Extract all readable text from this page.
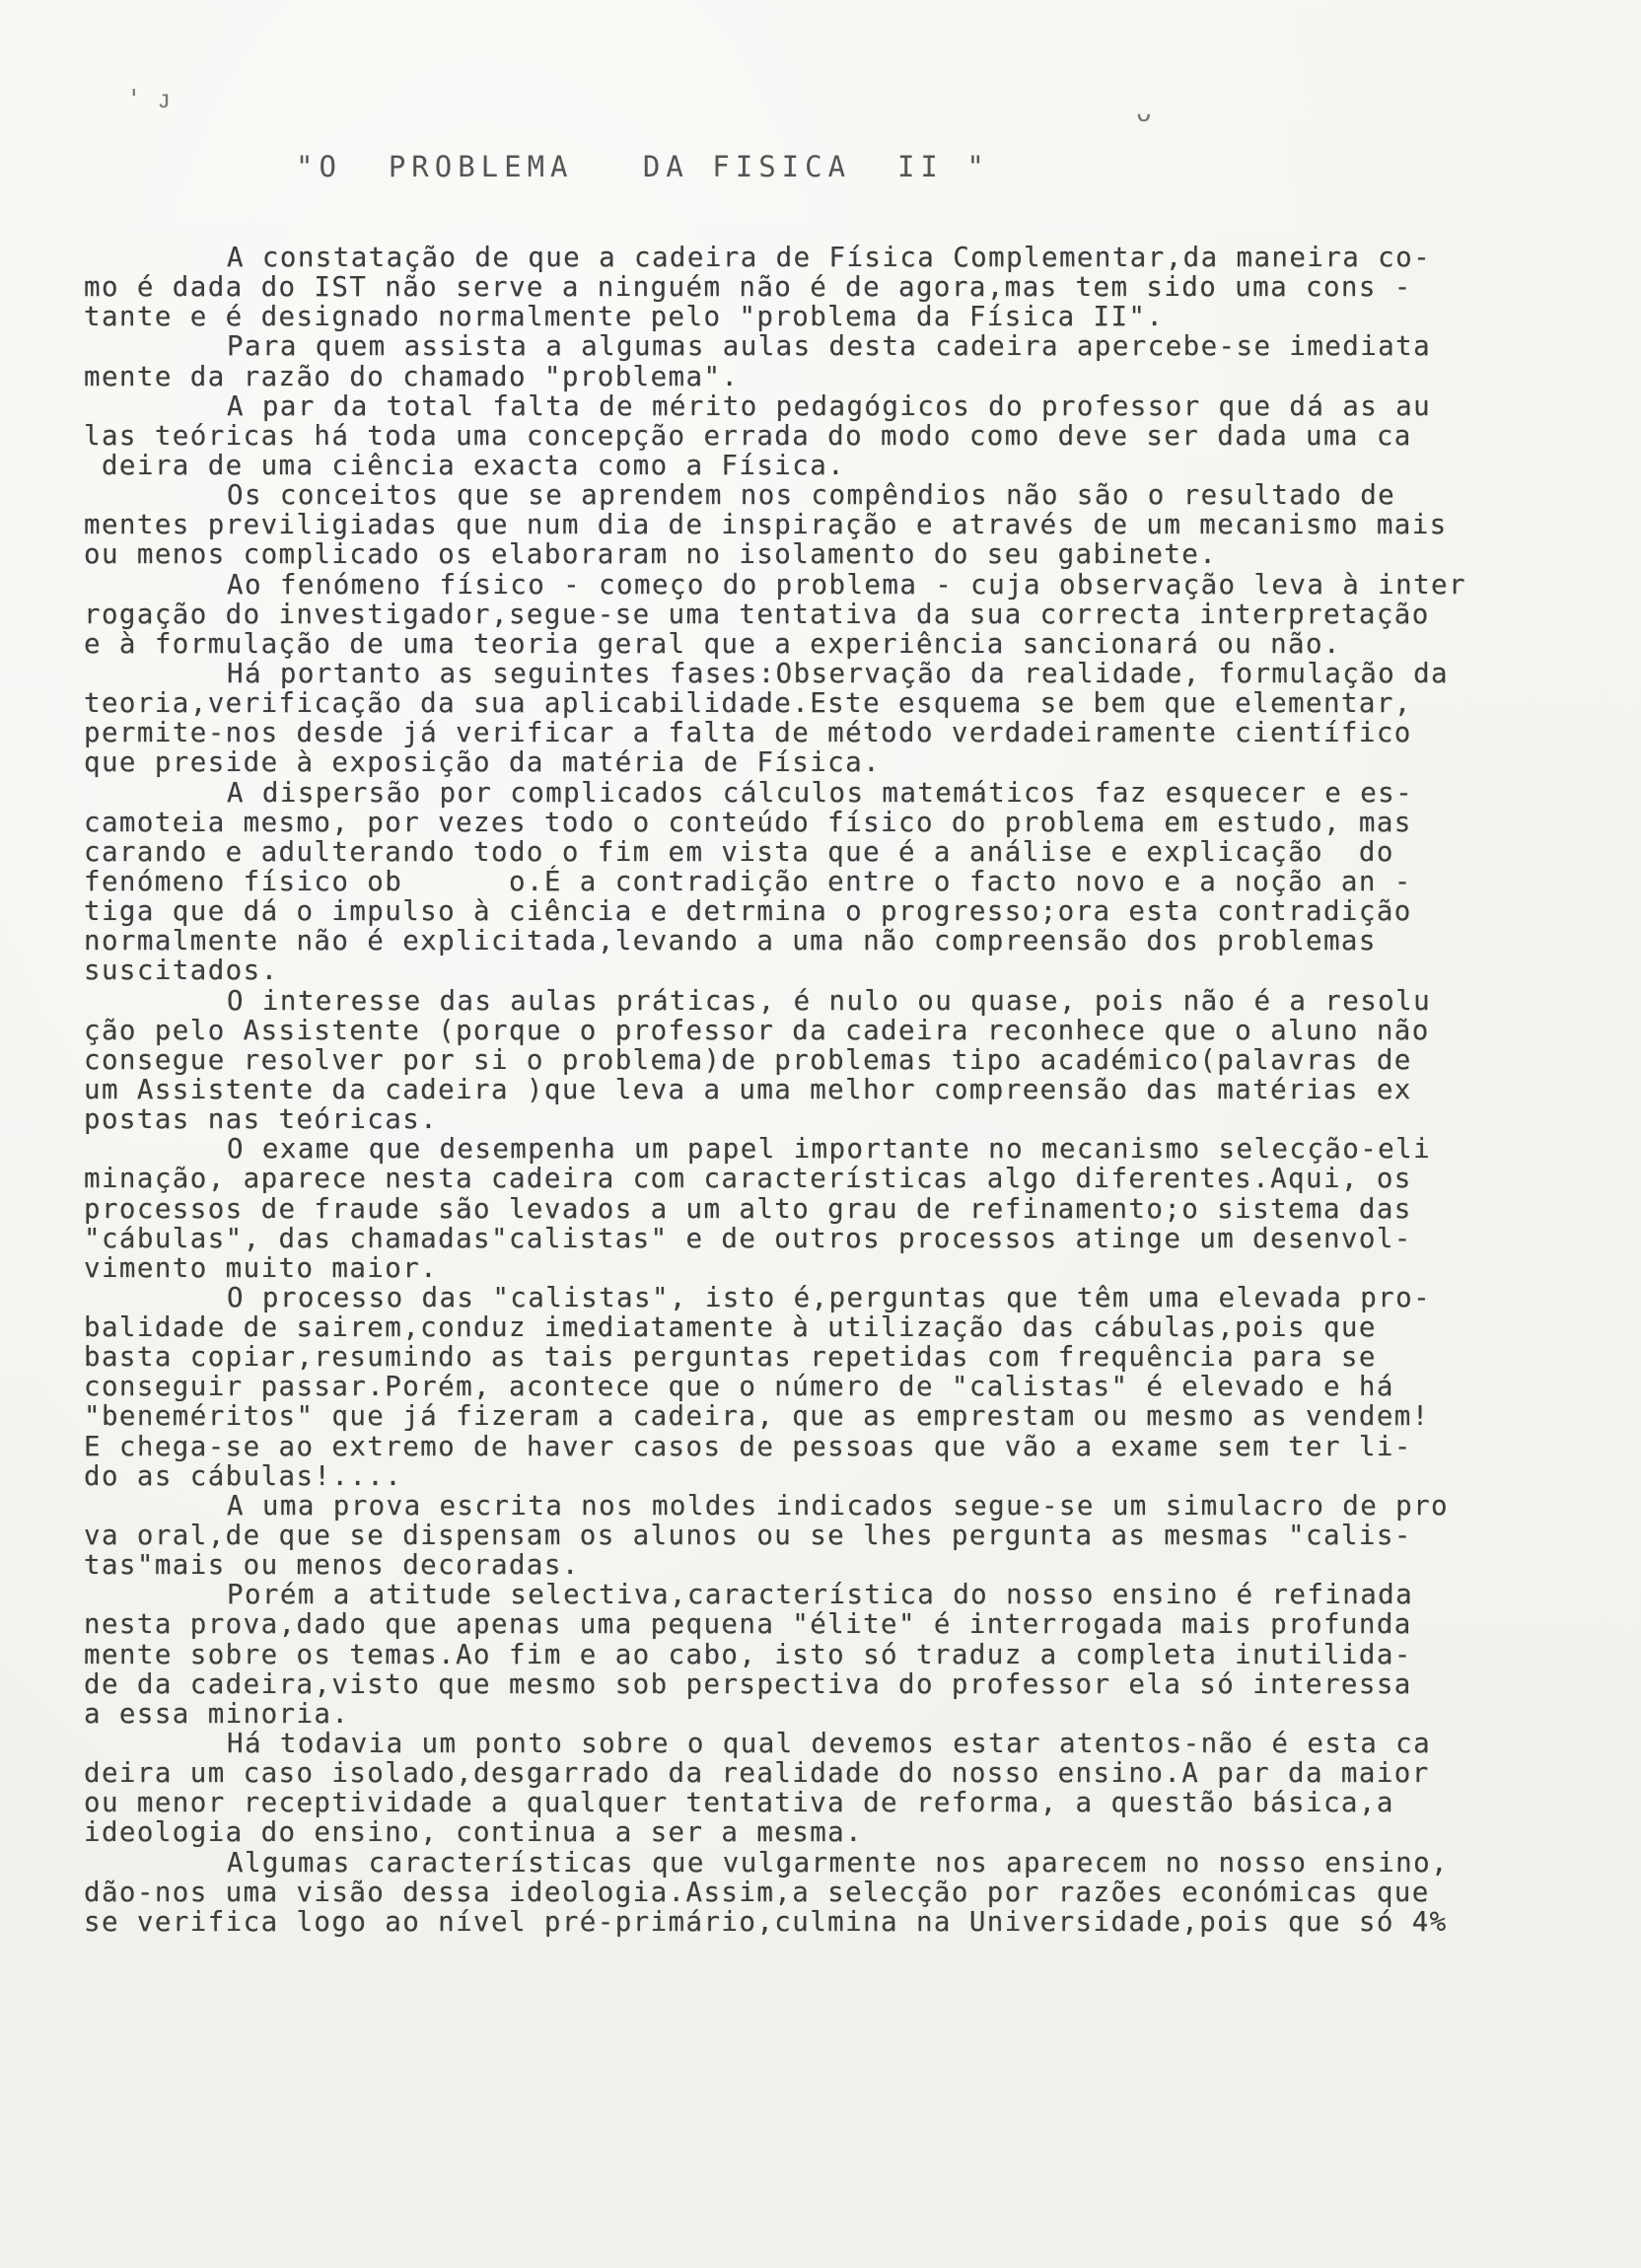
' ᴊ	ᴗ
"O  PROBLEMA   DA FISICA  II "
A constatação de que a cadeira de Física Complementar,da maneira co-
mo é dada do IST não serve a ninguém não é de agora,mas tem sido uma cons -
tante e é designado normalmente pelo "problema da Física II".
Para quem assista a algumas aulas desta cadeira apercebe-se imediata
mente da razão do chamado "problema".
A par da total falta de mérito pedagógicos do professor que dá as au
las teóricas há toda uma concepção errada do modo como deve ser dada uma ca
deira de uma ciência exacta como a Física.
Os conceitos que se aprendem nos compêndios não são o resultado de
mentes previligiadas que num dia de inspiração e através de um mecanismo mais
ou menos complicado os elaboraram no isolamento do seu gabinete.
Ao fenómeno físico - começo do problema - cuja observação leva à inter
rogação do investigador,segue-se uma tentativa da sua correcta interpretação
e à formulação de uma teoria geral que a experiência sancionará ou não.
Há portanto as seguintes fases:Observação da realidade, formulação da
teoria,verificação da sua aplicabilidade.Este esquema se bem que elementar,
permite-nos desde já verificar a falta de método verdadeiramente científico
que preside à exposição da matéria de Física.
A dispersão por complicados cálculos matemáticos faz esquecer e es-
camoteia mesmo, por vezes todo o conteúdo físico do problema em estudo, mas
carando e adulterando todo o fim em vista que é a análise e explicação  do
fenómeno físico ob      o.É a contradição entre o facto novo e a noção an -
tiga que dá o impulso à ciência e detrmina o progresso;ora esta contradição
normalmente não é explicitada,levando a uma não compreensão dos problemas
suscitados.
O interesse das aulas práticas, é nulo ou quase, pois não é a resolu
ção pelo Assistente (porque o professor da cadeira reconhece que o aluno não
consegue resolver por si o problema)de problemas tipo académico(palavras de
um Assistente da cadeira )que leva a uma melhor compreensão das matérias ex
postas nas teóricas.
O exame que desempenha um papel importante no mecanismo selecção-eli
minação, aparece nesta cadeira com características algo diferentes.Aqui, os
processos de fraude são levados a um alto grau de refinamento;o sistema das
"cábulas", das chamadas"calistas" e de outros processos atinge um desenvol-
vimento muito maior.
O processo das "calistas", isto é,perguntas que têm uma elevada pro-
balidade de sairem,conduz imediatamente à utilização das cábulas,pois que
basta copiar,resumindo as tais perguntas repetidas com frequência para se
conseguir passar.Porém, acontece que o número de "calistas" é elevado e há
"beneméritos" que já fizeram a cadeira, que as emprestam ou mesmo as vendem!
E chega-se ao extremo de haver casos de pessoas que vão a exame sem ter li-
do as cábulas!....
A uma prova escrita nos moldes indicados segue-se um simulacro de pro
va oral,de que se dispensam os alunos ou se lhes pergunta as mesmas "calis-
tas"mais ou menos decoradas.
Porém a atitude selectiva,característica do nosso ensino é refinada
nesta prova,dado que apenas uma pequena "élite" é interrogada mais profunda
mente sobre os temas.Ao fim e ao cabo, isto só traduz a completa inutilida-
de da cadeira,visto que mesmo sob perspectiva do professor ela só interessa
a essa minoria.
Há todavia um ponto sobre o qual devemos estar atentos-não é esta ca
deira um caso isolado,desgarrado da realidade do nosso ensino.A par da maior
ou menor receptividade a qualquer tentativa de reforma, a questão básica,a
ideologia do ensino, continua a ser a mesma.
Algumas características que vulgarmente nos aparecem no nosso ensino,
dão-nos uma visão dessa ideologia.Assim,a selecção por razões económicas que
se verifica logo ao nível pré-primário,culmina na Universidade,pois que só 4%
